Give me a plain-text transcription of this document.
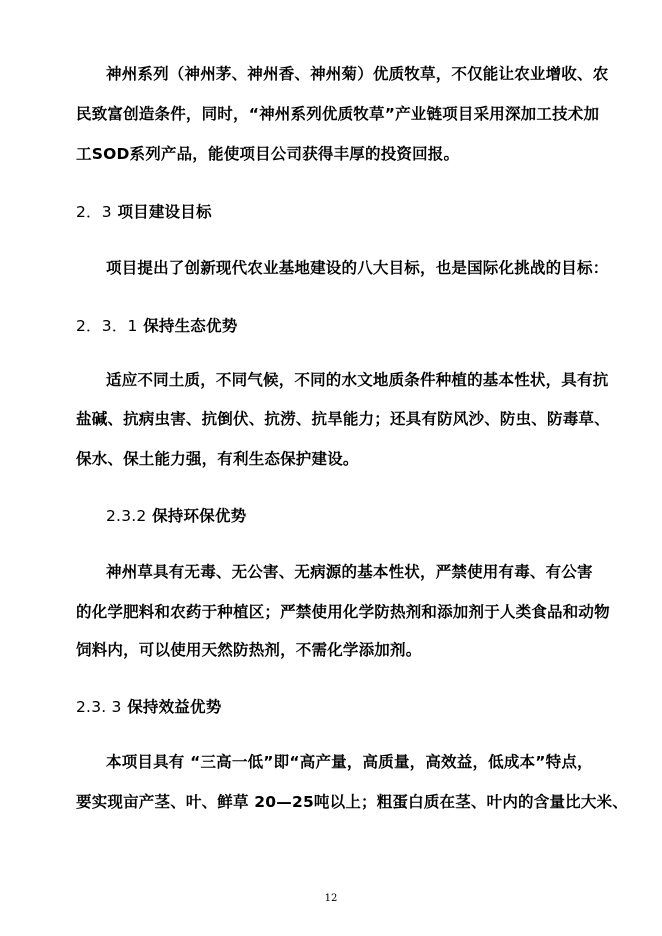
神州系列（神州茅、神州香、神州菊）优质牧草，不仅能让农业增收、农
民致富创造条件，同时，“神州系列优质牧草”产业链项目采用深加工技术加
工SOD系列产品，能使项目公司获得丰厚的投资回报。
2．3 项目建设目标
项目提出了创新现代农业基地建设的八大目标，也是国际化挑战的目标：
2．3．1 保持生态优势
适应不同土质，不同气候，不同的水文地质条件种植的基本性状，具有抗
盐碱、抗病虫害、抗倒伏、抗涝、抗旱能力；还具有防风沙、防虫、防毒草、
保水、保土能力强，有利生态保护建设。
2.3.2 保持环保优势
神州草具有无毒、无公害、无病源的基本性状，严禁使用有毒、有公害
的化学肥料和农药于种植区；严禁使用化学防热剂和添加剂于人类食品和动物
饲料内，可以使用天然防热剂，不需化学添加剂。
2.3. 3 保持效益优势
本项目具有 “三高一低”即“高产量，高质量，高效益，低成本”特点，
要实现亩产茎、叶、鲜草 20—25吨以上；粗蛋白质在茎、叶内的含量比大米、
12
